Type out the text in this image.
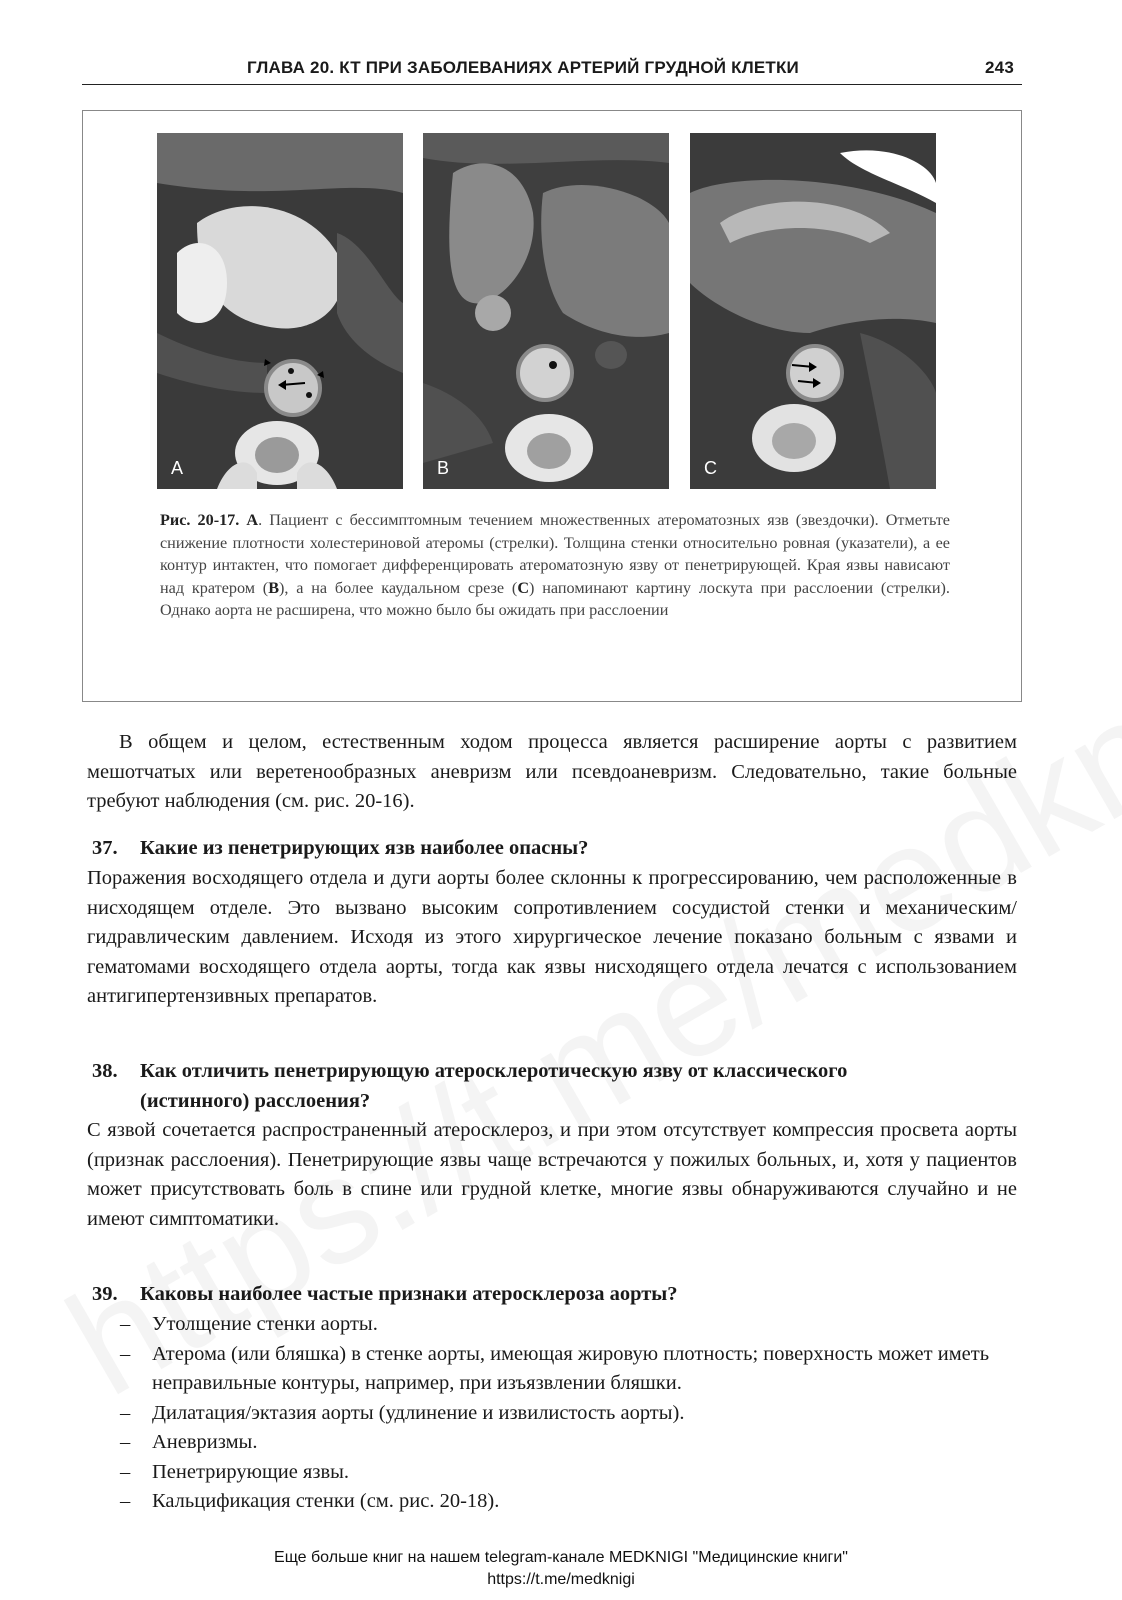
ГЛАВА 20. КТ ПРИ ЗАБОЛЕВАНИЯХ АРТЕРИЙ ГРУДНОЙ КЛЕТКИ	243
A	B	C
Рис. 20-17. А. Пациент с бессимптомным течением множественных атероматозных язв (звездочки). Отметьте снижение плотности холестериновой атеромы (стрелки). Толщина стенки относительно ровная (указатели), а ее контур интактен, что помогает дифференцировать атероматозную язву от пенетрирующей. Края язвы нависают над кратером (В), а на более каудальном срезе (С) напоминают картину лоскута при расслоении (стрелки). Однако аорта не расширена, что можно было бы ожидать при расслоении
В общем и целом, естественным ходом процесса является расширение аорты с развитием мешотчатых или веретенообразных аневризм или псевдоаневризм. Следовательно, такие больные требуют наблюдения (см. рис. 20-16).
37. Какие из пенетрирующих язв наиболее опасны?
Поражения восходящего отдела и дуги аорты более склонны к прогрессированию, чем расположенные в нисходящем отделе. Это вызвано высоким сопротивлением сосудистой стенки и механическим/гидравлическим давлением. Исходя из этого хирургическое лечение показано больным с язвами и гематомами восходящего отдела аорты, тогда как язвы нисходящего отдела лечатся с использованием антигипертензивных препаратов.
38. Как отличить пенетрирующую атеросклеротическую язву от классического
(истинного) расслоения?
С язвой сочетается распространенный атеросклероз, и при этом отсутствует компрессия просвета аорты (признак расслоения). Пенетрирующие язвы чаще встречаются у пожилых больных, и, хотя у пациентов может присутствовать боль в спине или грудной клетке, многие язвы обнаруживаются случайно и не имеют симптоматики.
39. Каковы наиболее частые признаки атеросклероза аорты?
– Утолщение стенки аорты.
– Атерома (или бляшка) в стенке аорты, имеющая жировую плотность; поверхность может иметь неправильные контуры, например, при изъязвлении бляшки.
– Дилатация/эктазия аорты (удлинение и извилистость аорты).
– Аневризмы.
– Пенетрирующие язвы.
– Кальцификация стенки (см. рис. 20-18).
Еще больше книг на нашем telegram-канале MEDKNIGI "Медицинские книги"
https://t.me/medknigi
